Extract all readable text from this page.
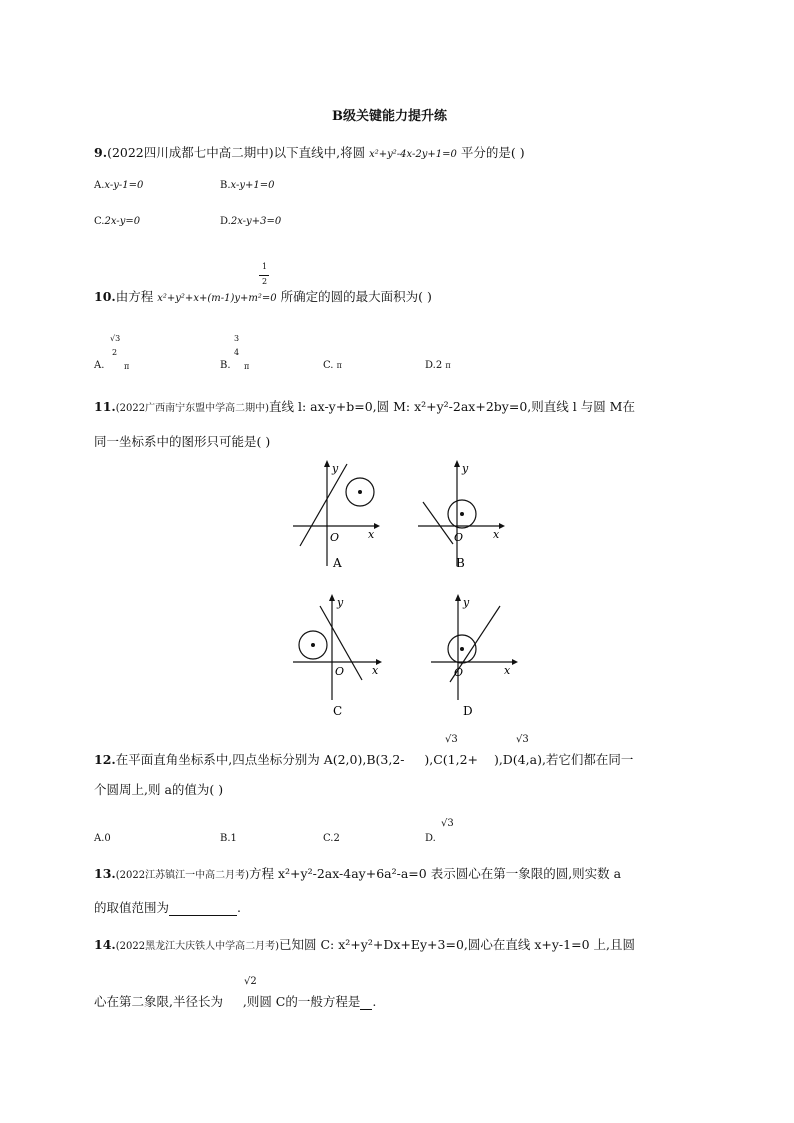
B级关键能力提升练
9.(2022四川成都七中高二期中)以下直线中,将圆 x²+y²-4x-2y+1=0 平分的是( )
A.x-y-1=0	B.x-y+1=0
C.2x-y=0	D.2x-y+3=0
1
2
10.由方程 x²+y²+x+(m-1)y+m²=0 所确定的圆的最大面积为( )
√3
2
A. π
3
4
B. π	C. π	D.2 π
11.(2022广西南宁东盟中学高二期中)直线 l: ax-y+b=0,圆 M: x²+y²-2ax+2by=0,则直线 l 与圆 M在
同一坐标系中的图形只可能是( )
y
x
O
A
y
x
O
B
y
x
O
C
y
x
O
D
√3	√3
12.在平面直角坐标系中,四点坐标分别为 A(2,0),B(3,2- ),C(1,2+ ),D(4,a),若它们都在同一
个圆周上,则 a的值为( )
A.0	B.1	C.2	D.
√3
13.(2022江苏镇江一中高二月考)方程 x²+y²-2ax-4ay+6a²-a=0 表示圆心在第一象限的圆,则实数 a
的取值范围为	.
14.(2022黑龙江大庆铁人中学高二月考)已知圆 C: x²+y²+Dx+Ey+3=0,圆心在直线 x+y-1=0 上,且圆
√2
心在第二象限,半径长为 ,则圆 C的一般方程是 .
